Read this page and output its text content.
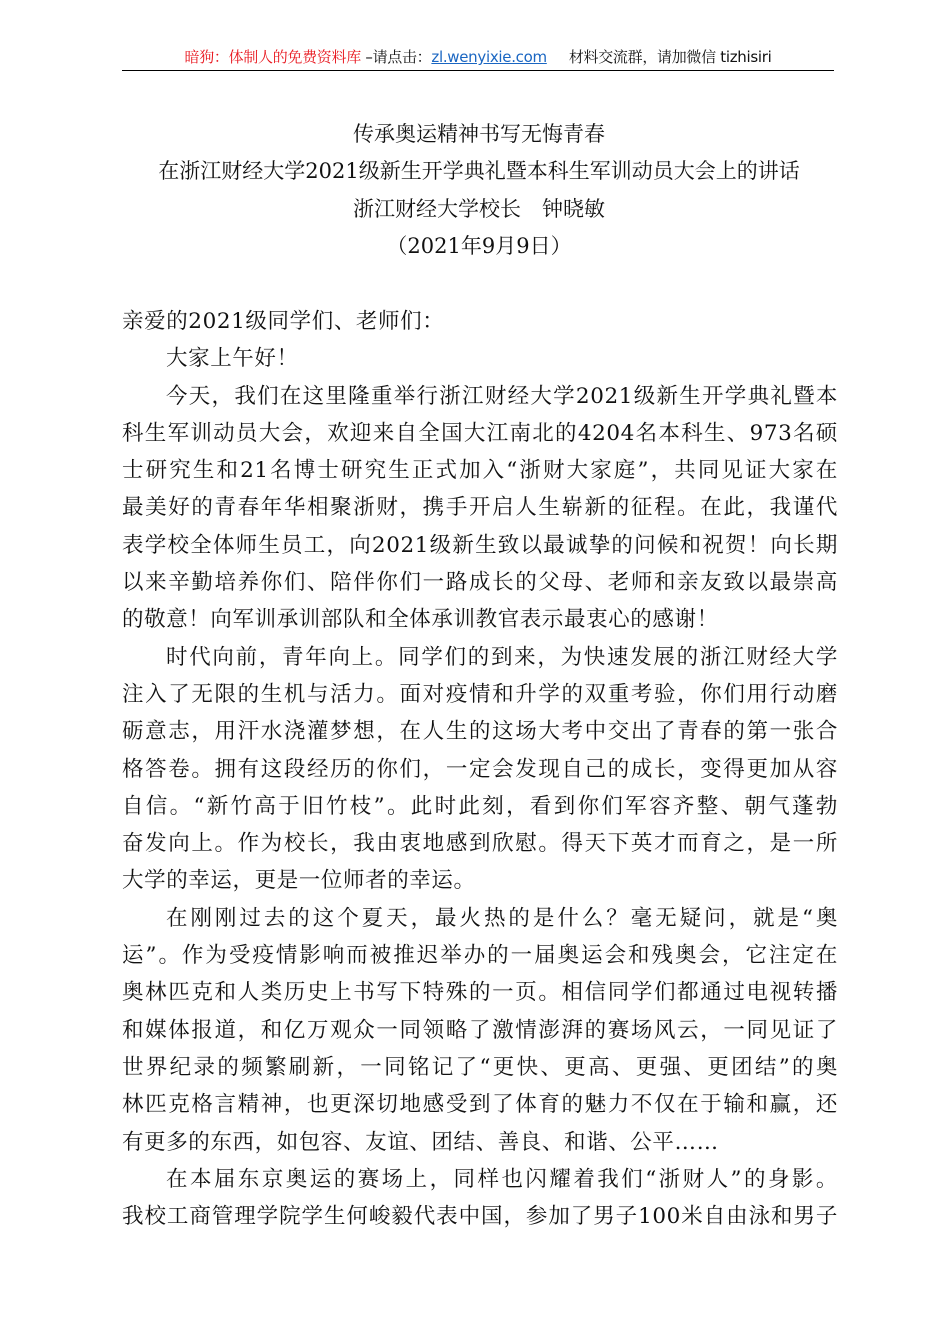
暗狗：体制人的免费资料库 –请点击：zl.wenyixie.com 材料交流群，请加微信 tizhisiri
传承奥运精神书写无悔青春
在浙江财经大学2021级新生开学典礼暨本科生军训动员大会上的讲话
浙江财经大学校长　钟晓敏
（2021年9月9日）

亲爱的2021级同学们、老师们：

大家上午好！

今天，我们在这里隆重举行浙江财经大学2021级新生开学典礼暨本
科生军训动员大会，欢迎来自全国大江南北的4204名本科生、973名硕
士研究生和21名博士研究生正式加入“浙财大家庭”，共同见证大家在
最美好的青春年华相聚浙财，携手开启人生崭新的征程。在此，我谨代
表学校全体师生员工，向2021级新生致以最诚挚的问候和祝贺！向长期
以来辛勤培养你们、陪伴你们一路成长的父母、老师和亲友致以最崇高
的敬意！向军训承训部队和全体承训教官表示最衷心的感谢！

时代向前，青年向上。同学们的到来，为快速发展的浙江财经大学
注入了无限的生机与活力。面对疫情和升学的双重考验，你们用行动磨
砺意志，用汗水浇灌梦想，在人生的这场大考中交出了青春的第一张合
格答卷。拥有这段经历的你们，一定会发现自己的成长，变得更加从容
自信。“新竹高于旧竹枝”。此时此刻，看到你们军容齐整、朝气蓬勃
奋发向上。作为校长，我由衷地感到欣慰。得天下英才而育之，是一所
大学的幸运，更是一位师者的幸运。

在刚刚过去的这个夏天，最火热的是什么？毫无疑问，就是“奥
运”。作为受疫情影响而被推迟举办的一届奥运会和残奥会，它注定在
奥林匹克和人类历史上书写下特殊的一页。相信同学们都通过电视转播
和媒体报道，和亿万观众一同领略了激情澎湃的赛场风云，一同见证了
世界纪录的频繁刷新，一同铭记了“更快、更高、更强、更团结”的奥
林匹克格言精神，也更深切地感受到了体育的魅力不仅在于输和赢，还
有更多的东西，如包容、友谊、团结、善良、和谐、公平……

在本届东京奥运的赛场上，同样也闪耀着我们“浙财人”的身影。
我校工商管理学院学生何峻毅代表中国，参加了男子100米自由泳和男子
